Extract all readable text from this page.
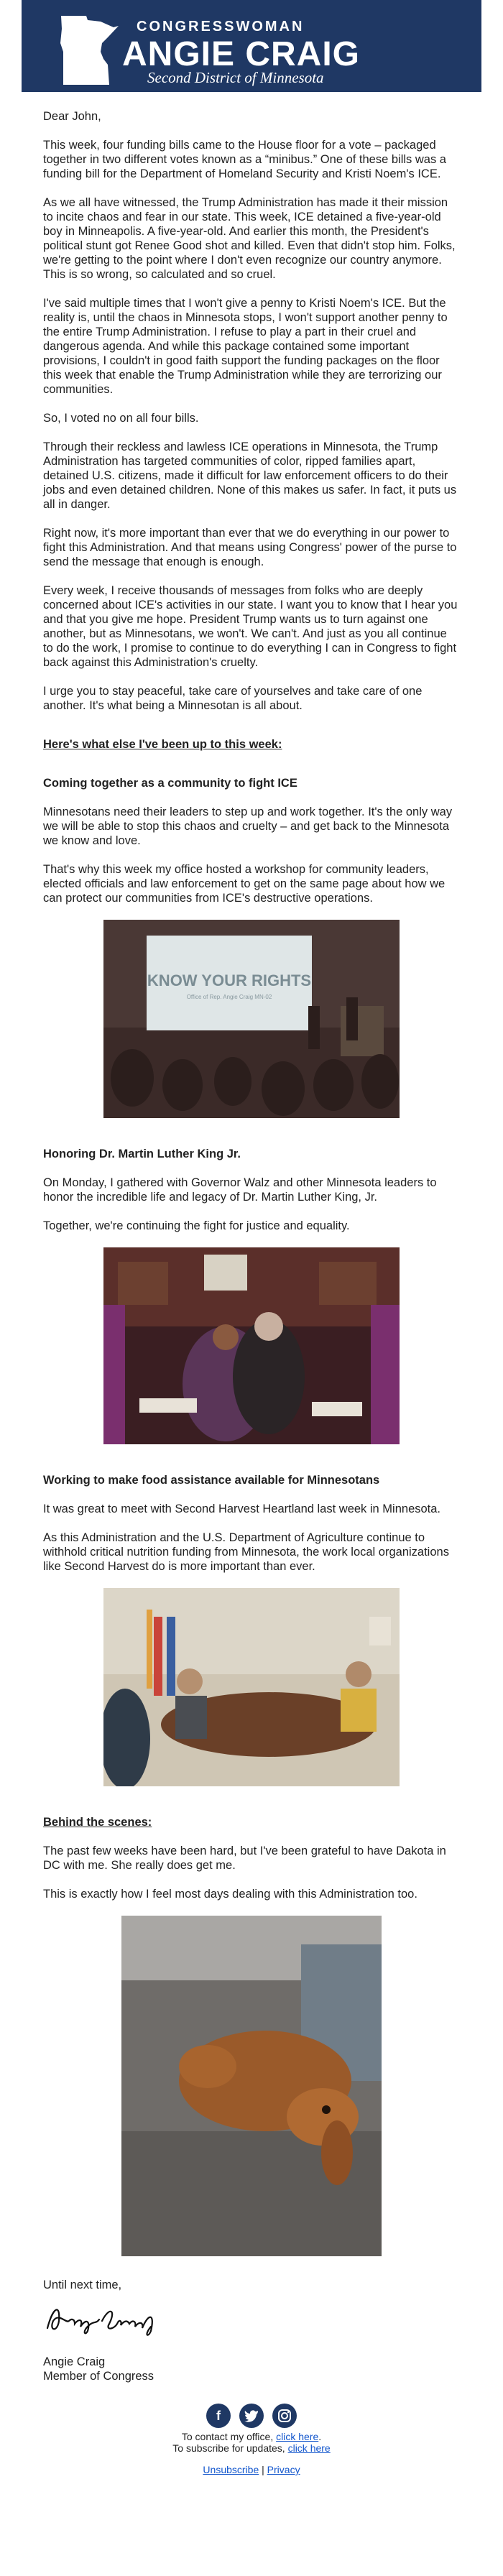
CONGRESSWOMAN
ANGIE CRAIG
Second District of Minnesota

Dear John,

This week, four funding bills came to the House floor for a vote – packaged together in two different votes known as a “minibus.” One of these bills was a funding bill for the Department of Homeland Security and Kristi Noem's ICE.

As we all have witnessed, the Trump Administration has made it their mission to incite chaos and fear in our state. This week, ICE detained a five-year-old boy in Minneapolis. A five-year-old. And earlier this month, the President's political stunt got Renee Good shot and killed. Even that didn't stop him. Folks, we're getting to the point where I don't even recognize our country anymore. This is so wrong, so calculated and so cruel.

I've said multiple times that I won't give a penny to Kristi Noem's ICE. But the reality is, until the chaos in Minnesota stops, I won't support another penny to the entire Trump Administration. I refuse to play a part in their cruel and dangerous agenda. And while this package contained some important provisions, I couldn't in good faith support the funding packages on the floor this week that enable the Trump Administration while they are terrorizing our communities.

So, I voted no on all four bills.

Through their reckless and lawless ICE operations in Minnesota, the Trump Administration has targeted communities of color, ripped families apart, detained U.S. citizens, made it difficult for law enforcement officers to do their jobs and even detained children. None of this makes us safer. In fact, it puts us all in danger.

Right now, it's more important than ever that we do everything in our power to fight this Administration. And that means using Congress' power of the purse to send the message that enough is enough.

Every week, I receive thousands of messages from folks who are deeply concerned about ICE's activities in our state. I want you to know that I hear you and that you give me hope. President Trump wants us to turn against one another, but as Minnesotans, we won't. We can't. And just as you all continue to do the work, I promise to continue to do everything I can in Congress to fight back against this Administration's cruelty.

I urge you to stay peaceful, take care of yourselves and take care of one another. It's what being a Minnesotan is all about.

Here's what else I've been up to this week:

Coming together as a community to fight ICE

Minnesotans need their leaders to step up and work together. It's the only way we will be able to stop this chaos and cruelty – and get back to the Minnesota we know and love.

That's why this week my office hosted a workshop for community leaders, elected officials and law enforcement to get on the same page about how we can protect our communities from ICE's destructive operations.

KNOW YOUR RIGHTS
Office of Rep. Angie Craig MN-02

Honoring Dr. Martin Luther King Jr.

On Monday, I gathered with Governor Walz and other Minnesota leaders to honor the incredible life and legacy of Dr. Martin Luther King, Jr.

Together, we're continuing the fight for justice and equality.

Working to make food assistance available for Minnesotans

It was great to meet with Second Harvest Heartland last week in Minnesota.

As this Administration and the U.S. Department of Agriculture continue to withhold critical nutrition funding from Minnesota, the work local organizations like Second Harvest do is more important than ever.

Behind the scenes:

The past few weeks have been hard, but I've been grateful to have Dakota in DC with me. She really does get me.

This is exactly how I feel most days dealing with this Administration too.

Until next time,

Angie Craig
Member of Congress

f
To contact my office, click here.
To subscribe for updates, click here
Unsubscribe | Privacy
